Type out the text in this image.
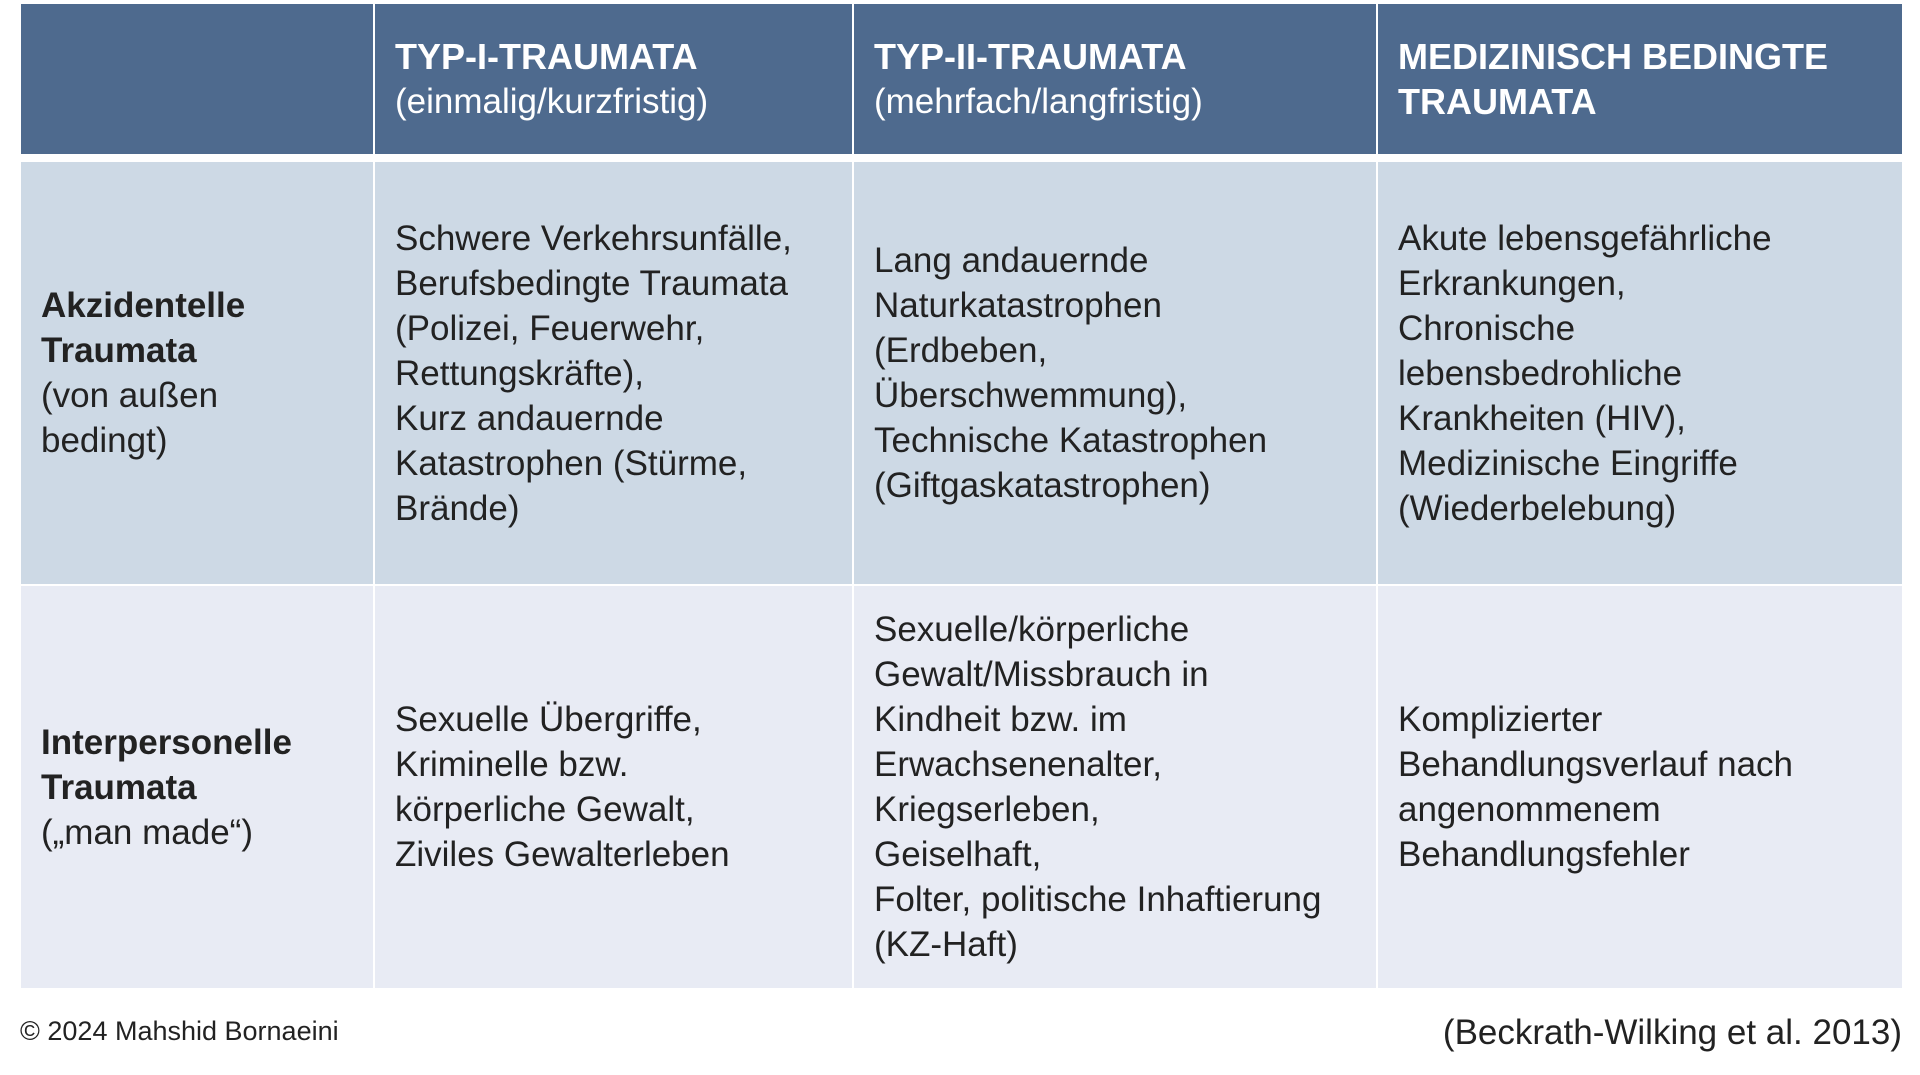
TYP-I-TRAUMATA
(einmalig/kurzfristig)
TYP-II-TRAUMATA
(mehrfach/langfristig)
MEDIZINISCH BEDINGTE
TRAUMATA
Akzidentelle
Traumata
(von außen
bedingt)
Schwere Verkehrsunfälle,
Berufsbedingte Traumata
(Polizei, Feuerwehr,
Rettungskräfte),
Kurz andauernde
Katastrophen (Stürme,
Brände)
Lang andauernde
Naturkatastrophen
(Erdbeben,
Überschwemmung),
Technische Katastrophen
(Giftgaskatastrophen)
Akute lebensgefährliche
Erkrankungen,
Chronische
lebensbedrohliche
Krankheiten (HIV),
Medizinische Eingriffe
(Wiederbelebung)
Interpersonelle
Traumata
(„man made“)
Sexuelle Übergriffe,
Kriminelle bzw.
körperliche Gewalt,
Ziviles Gewalterleben
Sexuelle/körperliche
Gewalt/Missbrauch in
Kindheit bzw. im
Erwachsenenalter,
Kriegserleben,
Geiselhaft,
Folter, politische Inhaftierung
(KZ-Haft)
Komplizierter
Behandlungsverlauf nach
angenommenem
Behandlungsfehler
© 2024 Mahshid Bornaeini	(Beckrath-Wilking et al. 2013)
